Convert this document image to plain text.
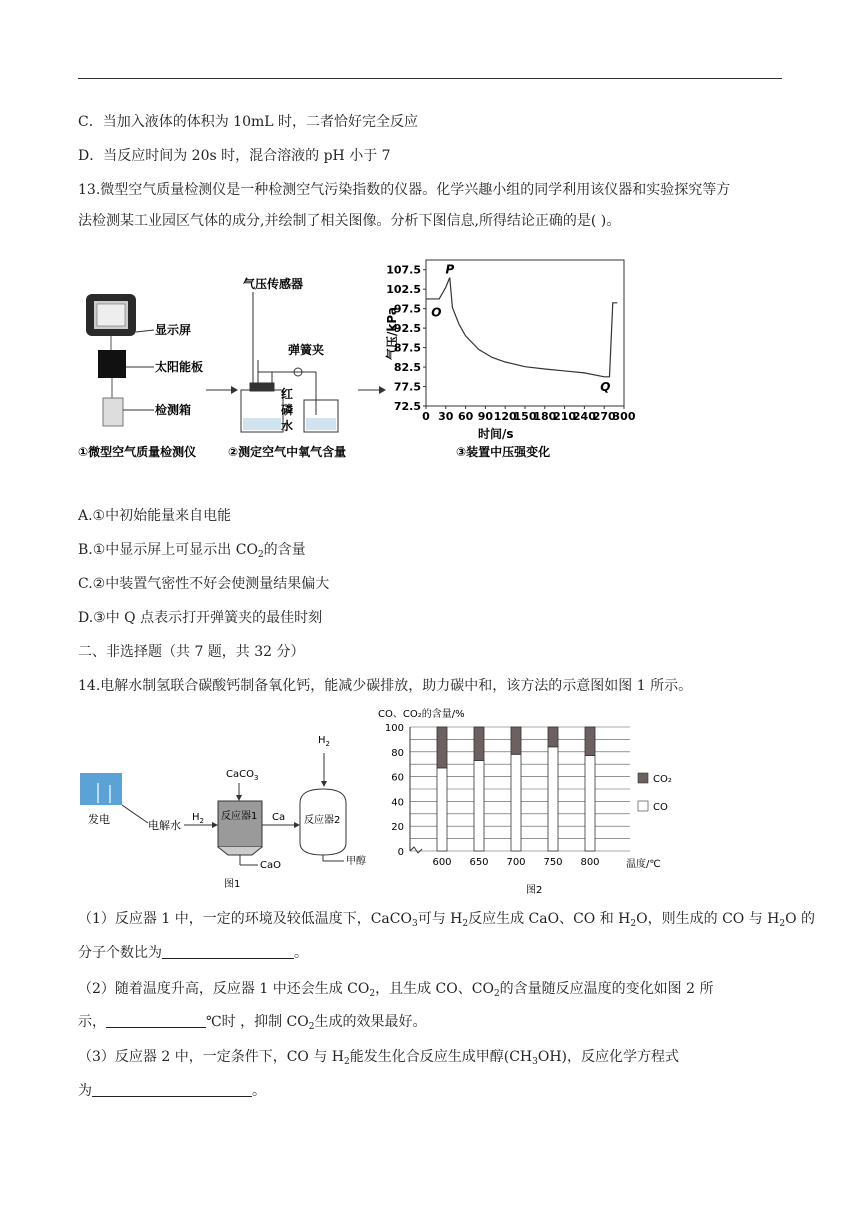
C．当加入液体的体积为 10mL 时，二者恰好完全反应
D．当反应时间为 20s 时，混合溶液的 pH 小于 7
13.微型空气质量检测仪是一种检测空气污染指数的仪器。化学兴趣小组的同学利用该仪器和实验探究等方
法检测某工业园区气体的成分,并绘制了相关图像。分析下图信息,所得结论正确的是( )。
显示屏
太阳能板
检测箱
气压传感器
弹簧夹
红
磷
水
①微型空气质量检测仪	②测定空气中氧气含量
0 30 60 90 120
150
180
210
240
270
300
72.5
77.5
82.5
87.5
92.5
97.5
102.5
107.5 P
O
Q
时间/s
气压/kPa
③装置中压强变化
A.①中初始能量来自电能
B.①中显示屏上可显示出 $CO_2$的含量
C.②中装置气密性不好会使测量结果偏大
D.③中 Q 点表示打开弹簧夹的最佳时刻
二、非选择题（共 7 题，共 32 分）
14.电解水制氢联合碳酸钙制备氧化钙，能减少碳排放，助力碳中和，该方法的示意图如图 1 所示。
发电	电解水
$H_2$
CaCO$_3$
反应器1
CaO
Ca
$H_2$
反应器2
甲醇
图1
0
20
40
60
80
100
600 650 700 750 800
CO、CO₂的含量/%
温度/℃
图2
CO₂
CO
（1）反应器 1 中，一定的环境及较低温度下，CaCO$_3$可与 $H_2$反应生成 CaO、CO 和 $H_2O$，则生成的 CO 与 $H_2O$ 的
分子个数比为	。
（2）随着温度升高，反应器 1 中还会生成 $CO_2$，且生成 CO、$CO_2$的含量随反应温度的变化如图 2 所
示，	℃时 ，抑制 $CO_2$生成的效果最好。
（3）反应器 2 中，一定条件下，CO 与 $H_2$能发生化合反应生成甲醇$(CH_3OH)$，反应化学方程式
为	。
